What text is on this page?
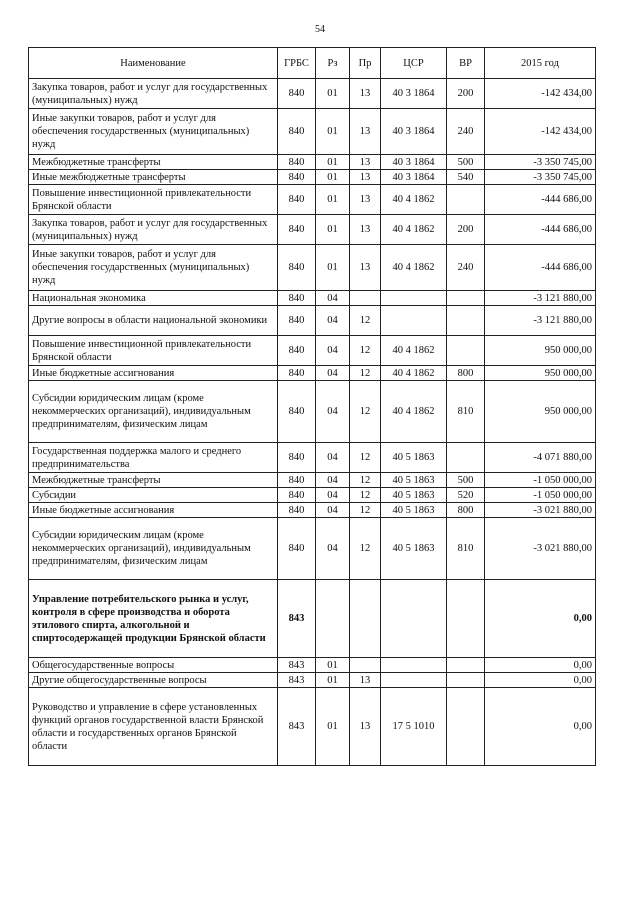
54
Наименование	ГРБС	Рз	Пр	ЦСР	ВР	2015 год
Закупка товаров, работ и услуг для государственных (муниципальных) нужд	840	01	13	40 3 1864	200	-142 434,00
Иные закупки товаров, работ и услуг для обеспечения государственных (муниципальных) нужд	840	01	13	40 3 1864	240	-142 434,00
Межбюджетные трансферты	840	01	13	40 3 1864	500	-3 350 745,00
Иные межбюджетные трансферты	840	01	13	40 3 1864	540	-3 350 745,00
Повышение инвестиционной привлекательности Брянской области	840	01	13	40 4 1862		-444 686,00
Закупка товаров, работ и услуг для государственных (муниципальных) нужд	840	01	13	40 4 1862	200	-444 686,00
Иные закупки товаров, работ и услуг для обеспечения государственных (муниципальных) нужд	840	01	13	40 4 1862	240	-444 686,00
Национальная экономика	840	04				-3 121 880,00
Другие вопросы в области национальной экономики	840	04	12			-3 121 880,00
Повышение инвестиционной привлекательности Брянской области	840	04	12	40 4 1862		950 000,00
Иные бюджетные ассигнования	840	04	12	40 4 1862	800	950 000,00
Субсидии юридическим лицам (кроме некоммерческих организаций), индивидуальным предпринимателям, физическим лицам	840	04	12	40 4 1862	810	950 000,00
Государственная поддержка малого и среднего предпринимательства	840	04	12	40 5 1863		-4 071 880,00
Межбюджетные трансферты	840	04	12	40 5 1863	500	-1 050 000,00
Субсидии	840	04	12	40 5 1863	520	-1 050 000,00
Иные бюджетные ассигнования	840	04	12	40 5 1863	800	-3 021 880,00
Субсидии юридическим лицам (кроме некоммерческих организаций), индивидуальным предпринимателям, физическим лицам	840	04	12	40 5 1863	810	-3 021 880,00
Управление потребительского рынка и услуг, контроля в сфере производства и оборота этилового спирта, алкогольной и спиртосодержащей продукции Брянской области	843					0,00
Общегосударственные вопросы	843	01				0,00
Другие общегосударственные вопросы	843	01	13			0,00
Руководство и управление в сфере установленных функций органов государственной власти Брянской области и государственных органов Брянской области	843	01	13	17 5 1010		0,00
